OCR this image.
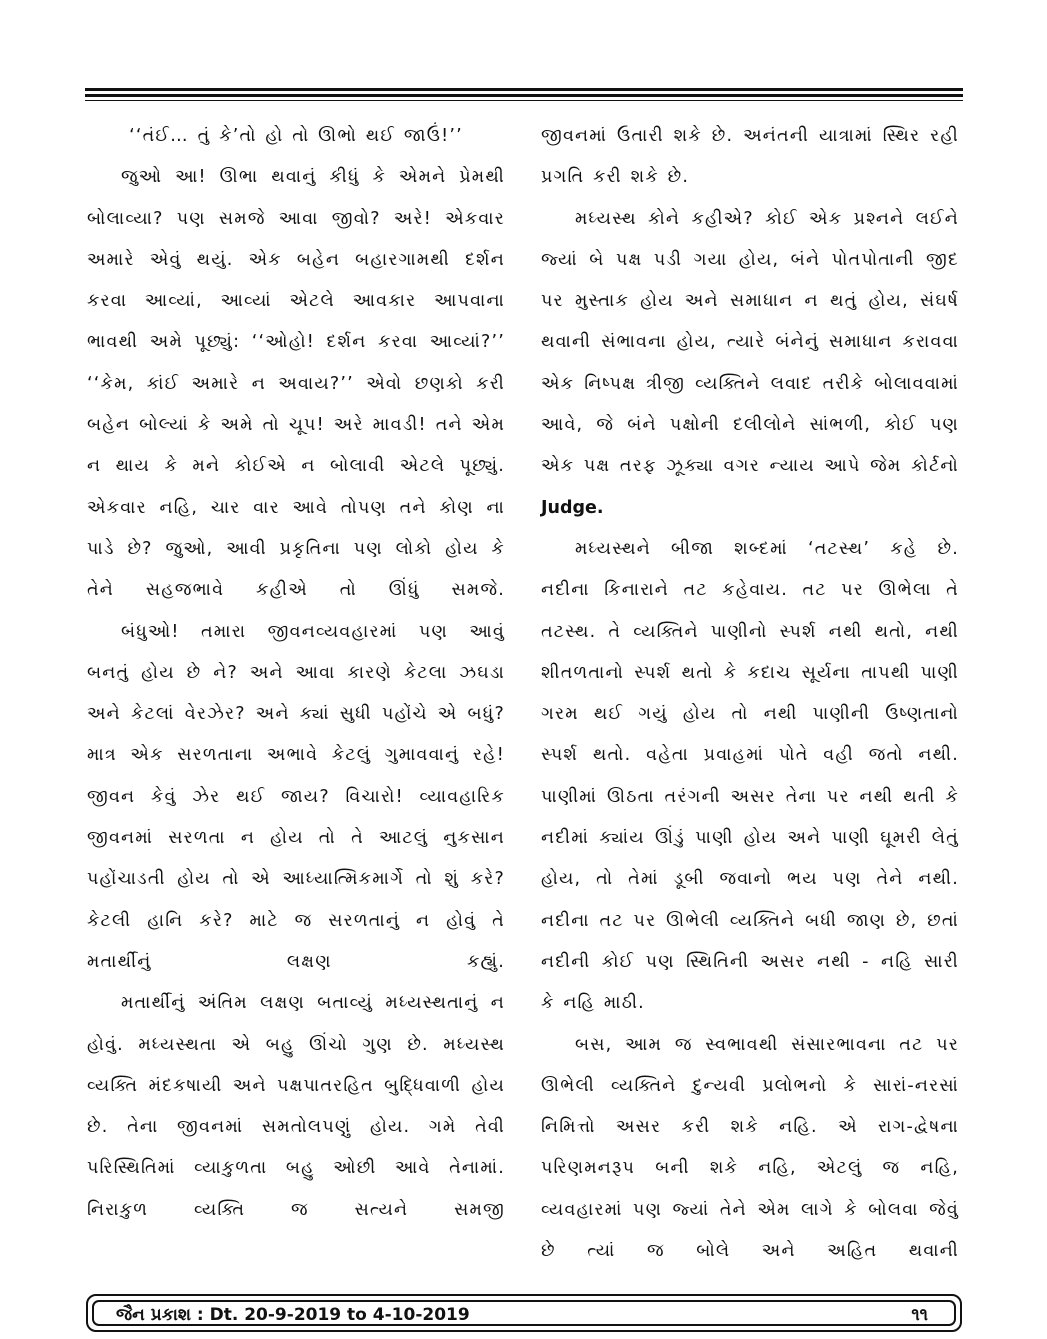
‘‘તંઈ… તું કે’તો હો તો ઊભો થઈ જાઉં!’’

જુઓ આ! ઊભા થવાનું કીધું કે એમને પ્રેમથી બોલાવ્યા? પણ સમજે આવા જીવો? અરે! એકવાર અમારે એવું થયું. એક બહેન બહારગામથી દર્શન કરવા આવ્યાં, આવ્યાં એટલે આવકાર આપવાના ભાવથી અમે પૂછ્યું: ‘‘ઓહો! દર્શન કરવા આવ્યાં?’’ ‘‘કેમ, કાંઈ અમારે ન અવાય?’’ એવો છણકો કરી બહેન બોલ્યાં કે અમે તો ચૂપ! અરે માવડી! તને એમ ન થાય કે મને કોઈએ ન બોલાવી એટલે પૂછ્યું. એકવાર નહિ, ચાર વાર આવે તોપણ તને કોણ ના પાડે છે? જુઓ, આવી પ્રકૃતિના પણ લોકો હોય કે તેને સહજભાવે કહીએ તો ઊંધું સમજે.

બંધુઓ! તમારા જીવનવ્યવહારમાં પણ આવું બનતું હોય છે ને? અને આવા કારણે કેટલા ઝઘડા અને કેટલાં વેરઝેર? અને ક્યાં સુધી પહોંચે એ બધું? માત્ર એક સરળતાના અભાવે કેટલું ગુમાવવાનું રહે! જીવન કેવું ઝેર થઈ જાય? વિચારો! વ્યાવહારિક જીવનમાં સરળતા ન હોય તો તે આટલું નુકસાન પહોંચાડતી હોય તો એ આધ્યાત્મિકમાર્ગે તો શું કરે? કેટલી હાનિ કરે? માટે જ સરળતાનું ન હોવું તે મતાર્થીનું લક્ષણ કહ્યું.

મતાર્થીનું અંતિમ લક્ષણ બતાવ્યું મધ્યસ્થતાનું ન હોવું. મધ્યસ્થતા એ બહુ ઊંચો ગુણ છે. મધ્યસ્થ વ્યક્તિ મંદકષાયી અને પક્ષપાતરહિત બુદ્ધિવાળી હોય છે. તેના જીવનમાં સમતોલપણું હોય. ગમે તેવી પરિસ્થિતિમાં વ્યાકુળતા બહુ ઓછી આવે તેનામાં. નિરાકુળ વ્યક્તિ જ સત્યને સમજી

જીવનમાં ઉતારી શકે છે. અનંતની યાત્રામાં સ્થિર રહી પ્રગતિ કરી શકે છે.

મધ્યસ્થ કોને કહીએ? કોઈ એક પ્રશ્નને લઈને જ્યાં બે પક્ષ પડી ગયા હોય, બંને પોતપોતાની જીદ પર મુસ્તાક હોય અને સમાધાન ન થતું હોય, સંઘર્ષ થવાની સંભાવના હોય, ત્યારે બંનેનું સમાધાન કરાવવા એક નિષ્પક્ષ ત્રીજી વ્યક્તિને લવાદ તરીકે બોલાવવામાં આવે, જે બંને પક્ષોની દલીલોને સાંભળી, કોઈ પણ એક પક્ષ તરફ ઝૂક્યા વગર ન્યાય આપે જેમ કોર્ટનો Judge.

મધ્યસ્થને બીજા શબ્દમાં ‘તટસ્થ’ કહે છે. નદીના કિનારાને તટ કહેવાય. તટ પર ઊભેલા તે તટસ્થ. તે વ્યક્તિને પાણીનો સ્પર્શ નથી થતો, નથી શીતળતાનો સ્પર્શ થતો કે કદાચ સૂર્યના તાપથી પાણી ગરમ થઈ ગયું હોય તો નથી પાણીની ઉષ્ણતાનો સ્પર્શ થતો. વહેતા પ્રવાહમાં પોતે વહી જતો નથી. પાણીમાં ઊઠતા તરંગની અસર તેના પર નથી થતી કે નદીમાં ક્યાંય ઊંડું પાણી હોય અને પાણી ઘૂમરી લેતું હોય, તો તેમાં ડૂબી જવાનો ભય પણ તેને નથી. નદીના તટ પર ઊભેલી વ્યક્તિને બધી જાણ છે, છતાં નદીની કોઈ પણ સ્થિતિની અસર નથી - નહિ સારી કે નહિ માઠી.

બસ, આમ જ સ્વભાવથી સંસારભાવના તટ પર ઊભેલી વ્યક્તિને દુન્યવી પ્રલોભનો કે સારાં-નરસાં નિમિત્તો અસર કરી શકે નહિ. એ રાગ-દ્વેષના પરિણમનરૂપ બની શકે નહિ, એટલું જ નહિ, વ્યવહારમાં પણ જ્યાં તેને એમ લાગે કે બોલવા જેવું છે ત્યાં જ બોલે અને અહિત થવાની

જૈન પ્રકાશ : Dt. 20-9-2019 to 4-10-2019	૧૧
